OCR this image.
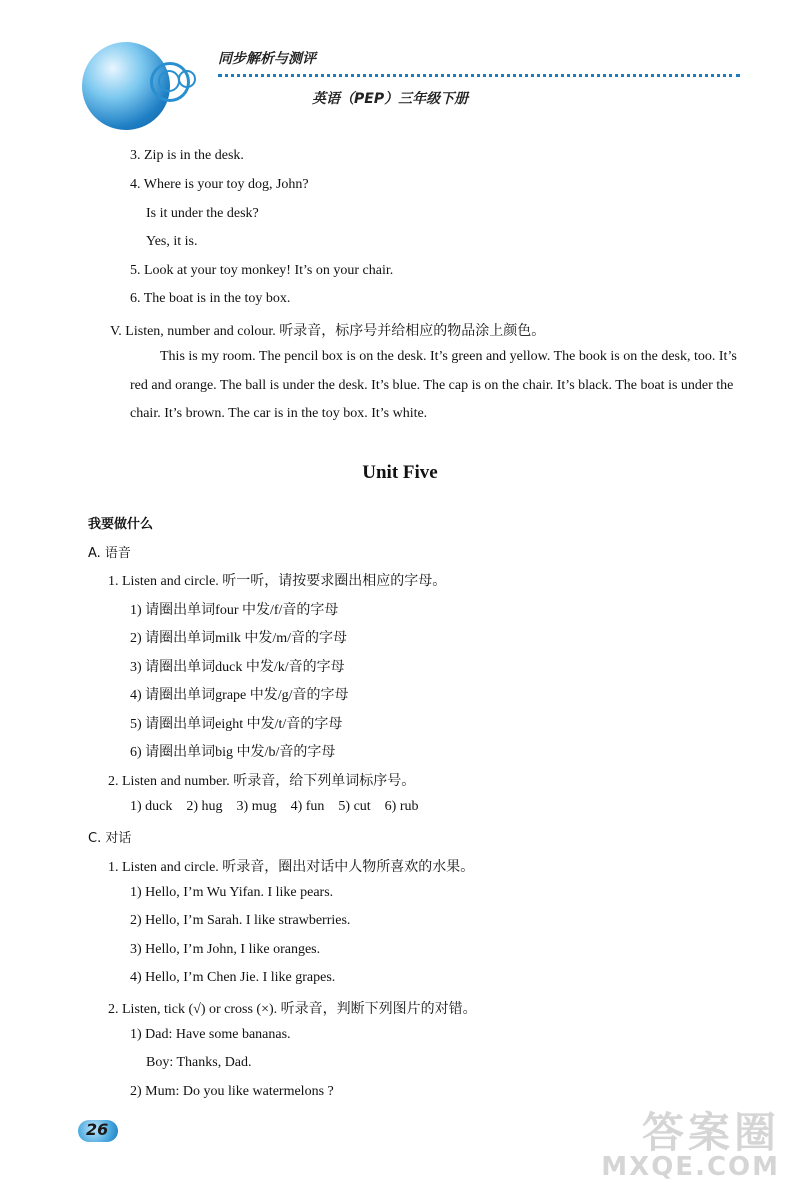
同步解析与测评
英语（PEP）三年级下册
3. Zip is in the desk.
4. Where is your toy dog, John?
Is it under the desk?
Yes, it is.
5. Look at your toy monkey! It’s on your chair.
6. The boat is in the toy box.
V. Listen, number and colour. 听录音，标序号并给相应的物品涂上颜色。
This is my room. The pencil box is on the desk. It’s green and yellow. The book is on the desk, too. It’s red and orange. The ball is under the desk. It’s blue. The cap is on the chair. It’s black. The boat is under the chair. It’s brown. The car is in the toy box. It’s white.
Unit Five
我要做什么
A. 语音
1. Listen and circle. 听一听，请按要求圈出相应的字母。
1) 请圈出单词four 中发/f/音的字母
2) 请圈出单词milk 中发/m/音的字母
3) 请圈出单词duck 中发/k/音的字母
4) 请圈出单词grape 中发/g/音的字母
5) 请圈出单词eight 中发/t/音的字母
6) 请圈出单词big 中发/b/音的字母
2. Listen and number. 听录音，给下列单词标序号。
1) duck    2) hug    3) mug    4) fun    5) cut    6) rub
C. 对话
1. Listen and circle. 听录音，圈出对话中人物所喜欢的水果。
1) Hello, I’m Wu Yifan. I like pears.
2) Hello, I’m Sarah. I like strawberries.
3) Hello, I’m John, I like oranges.
4) Hello, I’m Chen Jie. I like grapes.
2. Listen, tick (√) or cross (×). 听录音，判断下列图片的对错。
1) Dad: Have some bananas.
Boy: Thanks, Dad.
2) Mum: Do you like watermelons ?
26	答案圈
MXQE.COM
